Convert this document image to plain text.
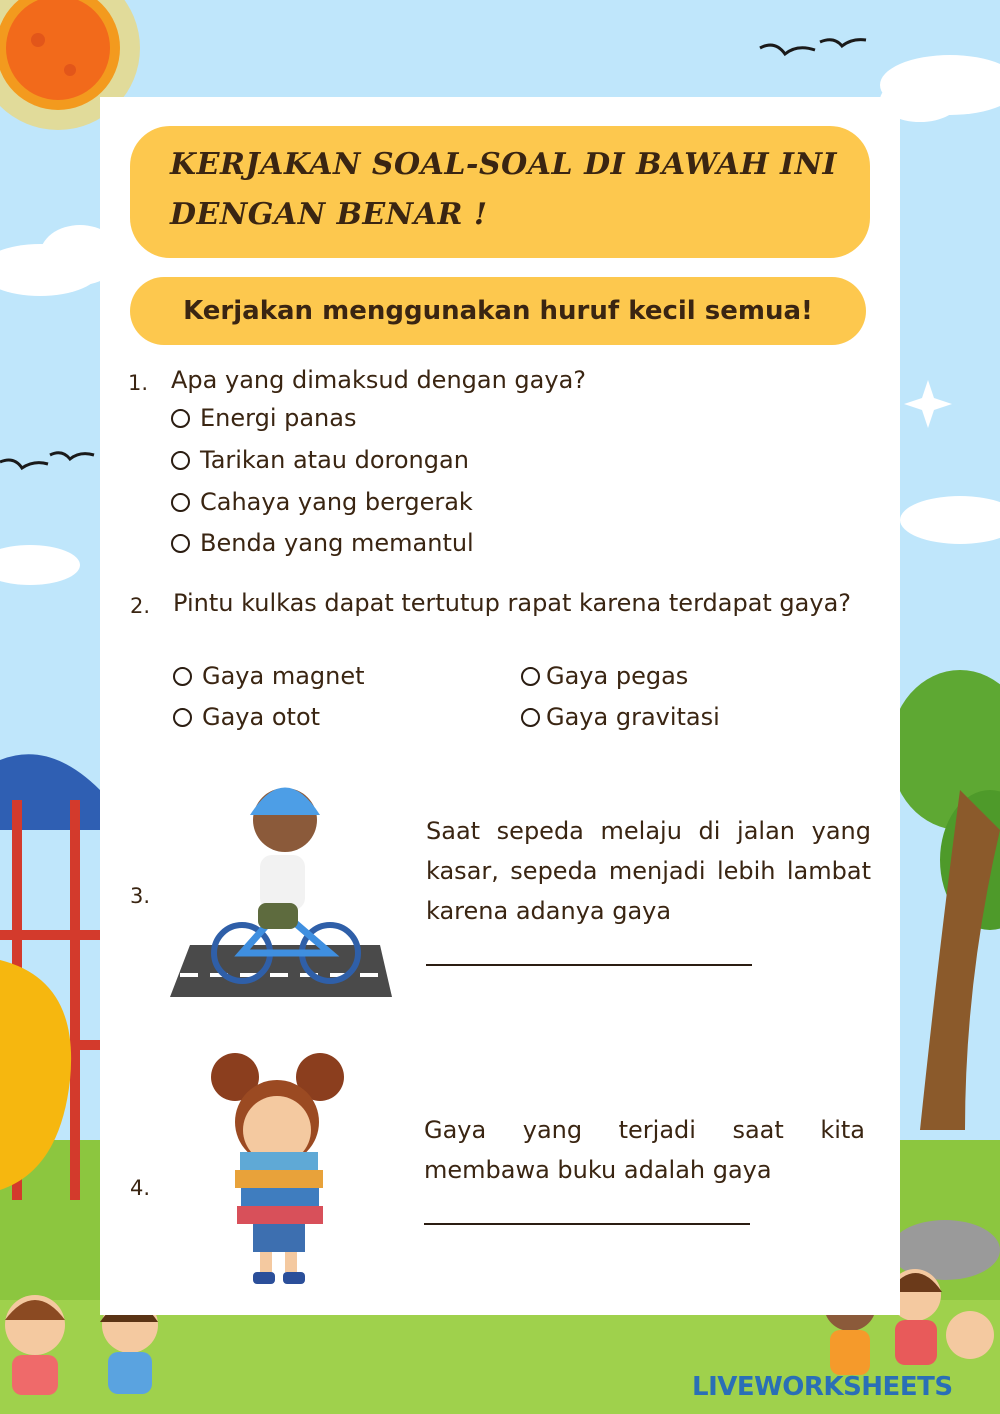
KERJAKAN SOAL-SOAL DI BAWAH INI DENGAN BENAR !
Kerjakan menggunakan huruf kecil semua!
1. Apa yang dimaksud dengan gaya?
Energi panas
Tarikan atau dorongan
Cahaya yang bergerak
Benda yang memantul
2. Pintu kulkas dapat tertutup rapat karena terdapat gaya?
Gaya magnet	Gaya pegas
Gaya otot	Gaya gravitasi
3.
Saat sepeda melaju di jalan yang kasar, sepeda menjadi lebih lambat karena adanya gaya
4.
Gaya yang terjadi saat kita membawa buku adalah gaya
LIVEWORKSHEETS
